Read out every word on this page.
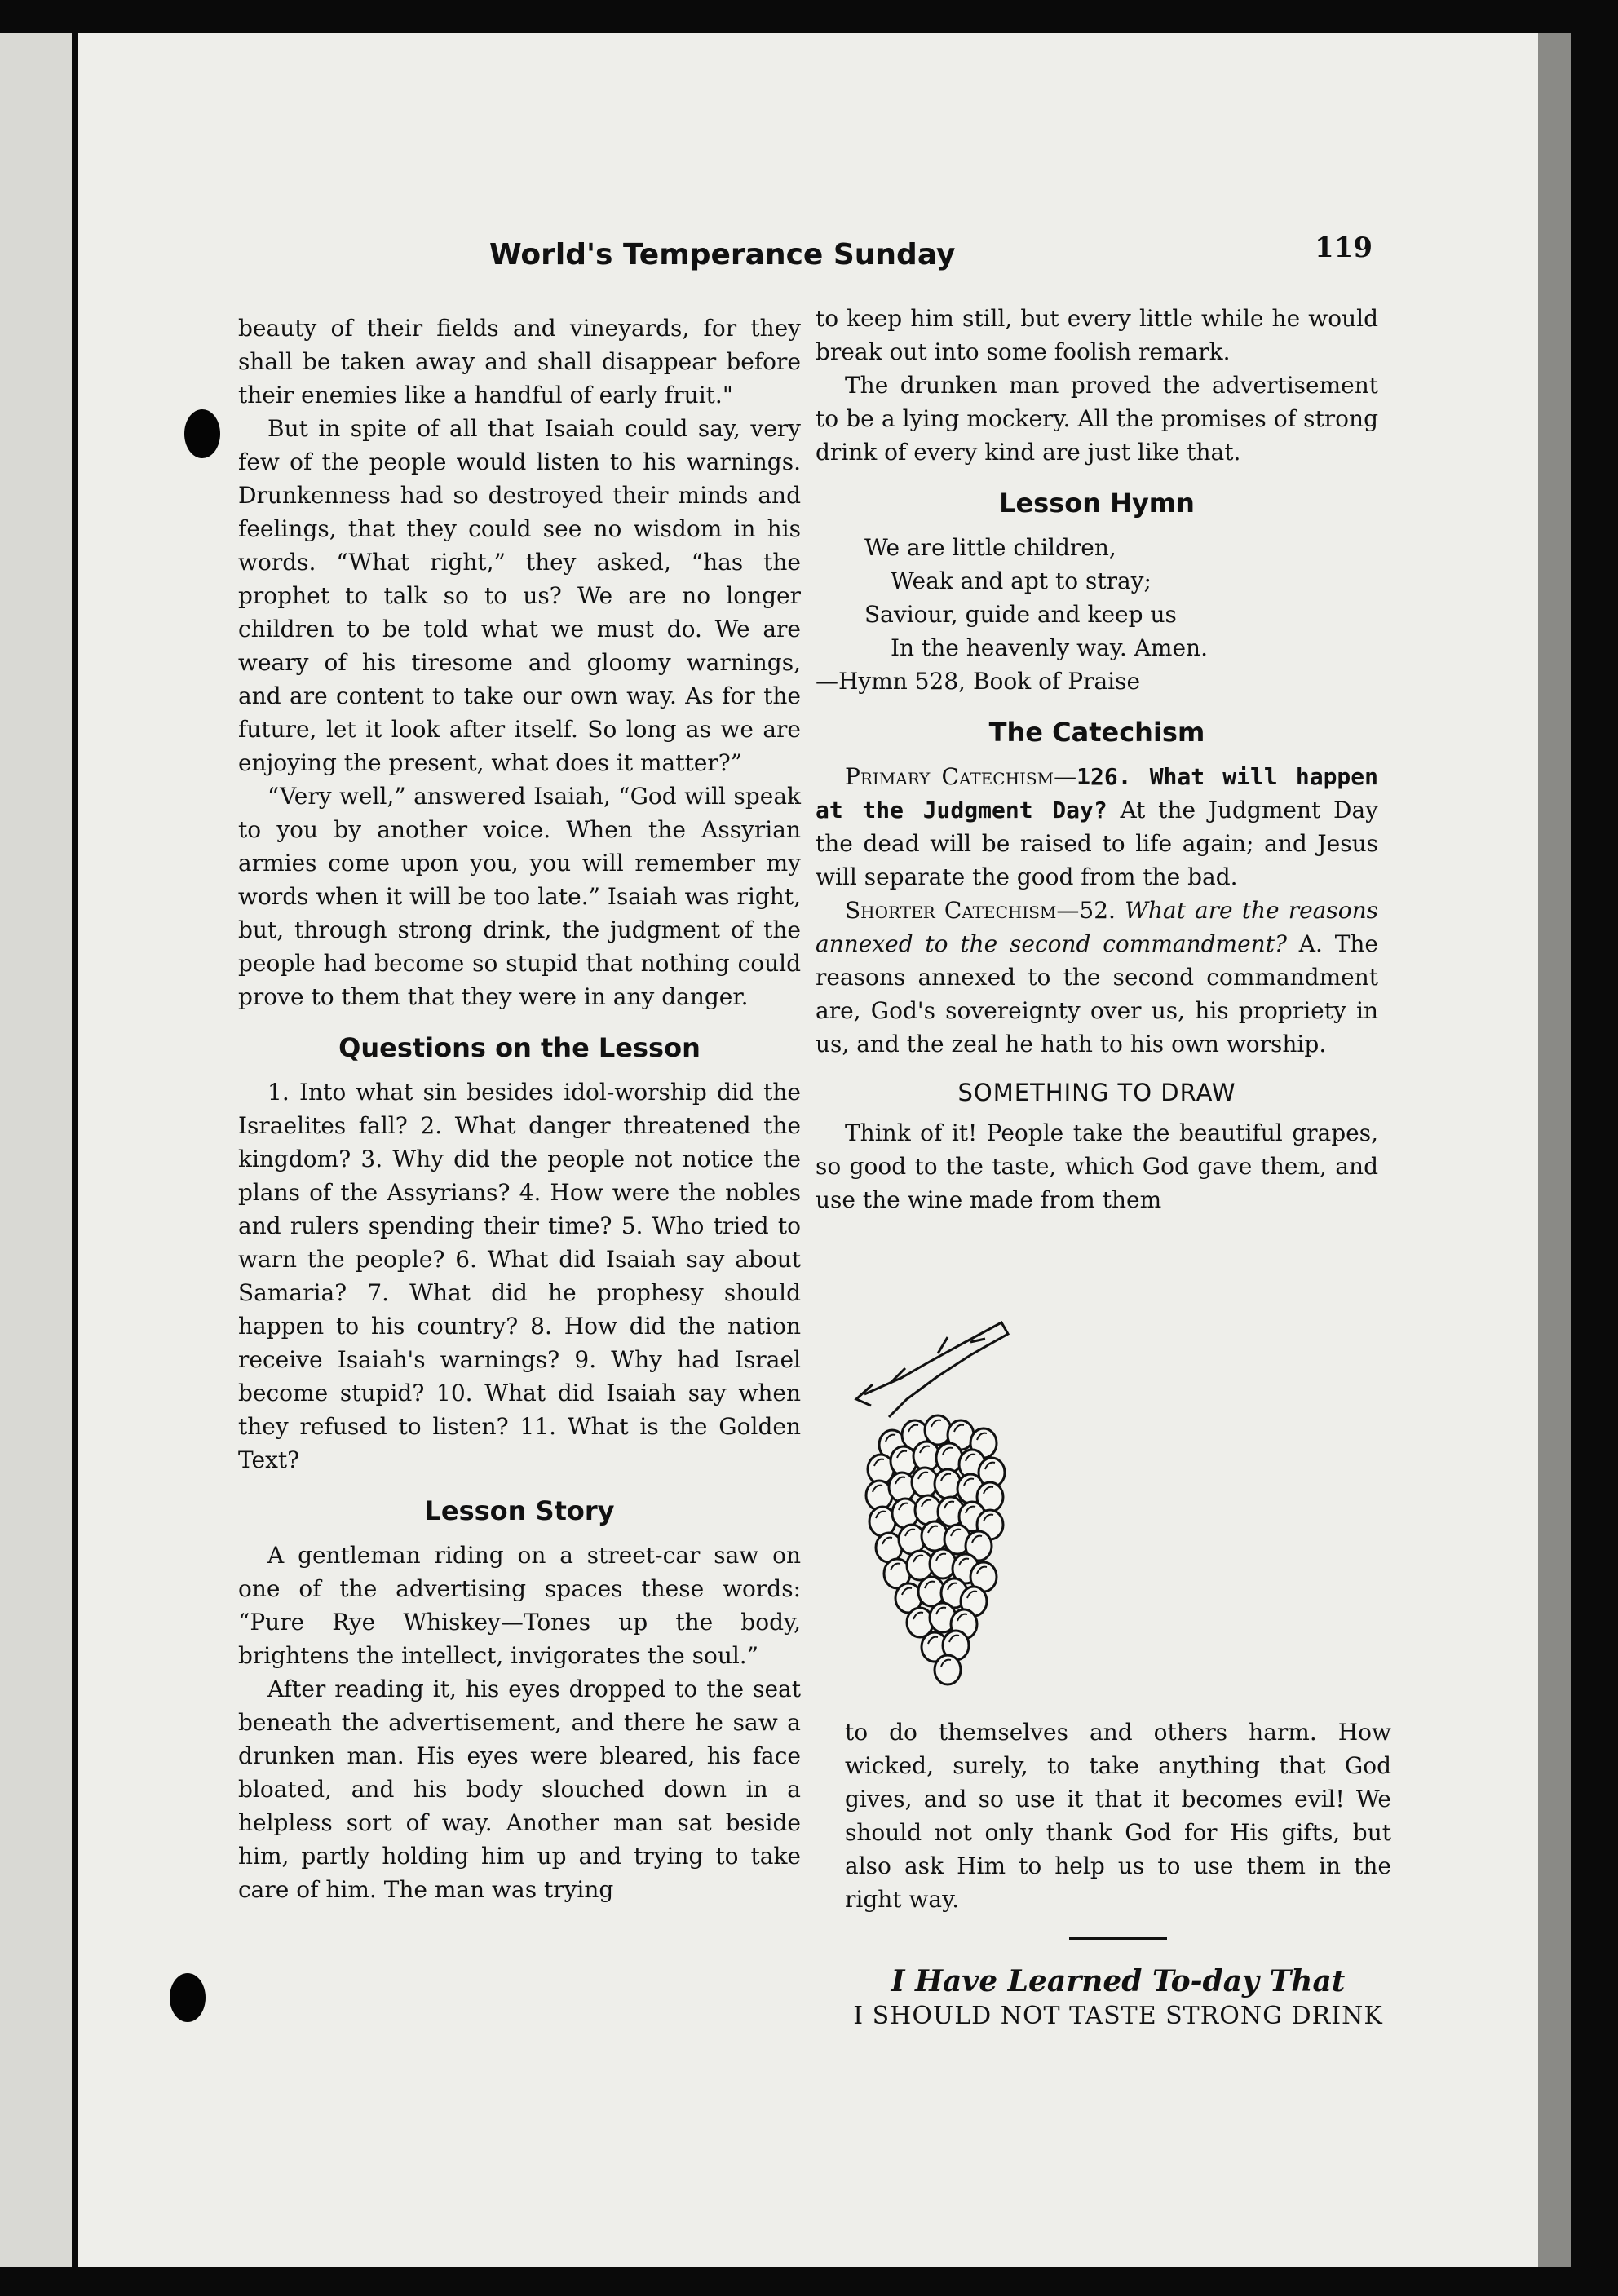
World's Temperance Sunday	119

beauty of their fields and vineyards, for they shall be taken away and shall disappear before their enemies like a handful of early fruit."

But in spite of all that Isaiah could say, very few of the people would listen to his warnings. Drunkenness had so destroyed their minds and feelings, that they could see no wisdom in his words. “What right,” they asked, “has the prophet to talk so to us? We are no longer children to be told what we must do. We are weary of his tiresome and gloomy warnings, and are content to take our own way. As for the future, let it look after itself. So long as we are enjoying the present, what does it matter?”

“Very well,” answered Isaiah, “God will speak to you by another voice. When the Assyrian armies come upon you, you will remember my words when it will be too late.” Isaiah was right, but, through strong drink, the judgment of the people had become so stupid that nothing could prove to them that they were in any danger.

Questions on the Lesson

1. Into what sin besides idol-worship did the Israelites fall? 2. What danger threatened the kingdom? 3. Why did the people not notice the plans of the Assyrians? 4. How were the nobles and rulers spending their time? 5. Who tried to warn the people? 6. What did Isaiah say about Samaria? 7. What did he prophesy should happen to his country? 8. How did the nation receive Isaiah's warnings? 9. Why had Israel become stupid? 10. What did Isaiah say when they refused to listen? 11. What is the Golden Text?

Lesson Story

A gentleman riding on a street-car saw on one of the advertising spaces these words: “Pure Rye Whiskey—Tones up the body, brightens the intellect, invigorates the soul.”

After reading it, his eyes dropped to the seat beneath the advertisement, and there he saw a drunken man. His eyes were bleared, his face bloated, and his body slouched down in a helpless sort of way. Another man sat beside him, partly holding him up and trying to take care of him. The man was trying

to keep him still, but every little while he would break out into some foolish remark.

The drunken man proved the advertisement to be a lying mockery. All the promises of strong drink of every kind are just like that.

Lesson Hymn
We are little children,
Weak and apt to stray;
Saviour, guide and keep us
In the heavenly way. Amen.

—Hymn 528, Book of Praise

The Catechism

Primary Catechism—126. What will happen at the Judgment Day? At the Judgment Day the dead will be raised to life again; and Jesus will separate the good from the bad.

Shorter Catechism—52. What are the reasons annexed to the second commandment? A. The reasons annexed to the second commandment are, God's sovereignty over us, his propriety in us, and the zeal he hath to his own worship.

SOMETHING TO DRAW

Think of it! People take the beautiful grapes, so good to the taste, which God gave them, and use the wine made from them

to do themselves and others harm. How wicked, surely, to take anything that God gives, and so use it that it becomes evil! We should not only thank God for His gifts, but also ask Him to help us to use them in the right way.

I Have Learned To-day That
I SHOULD NOT TASTE STRONG DRINK
